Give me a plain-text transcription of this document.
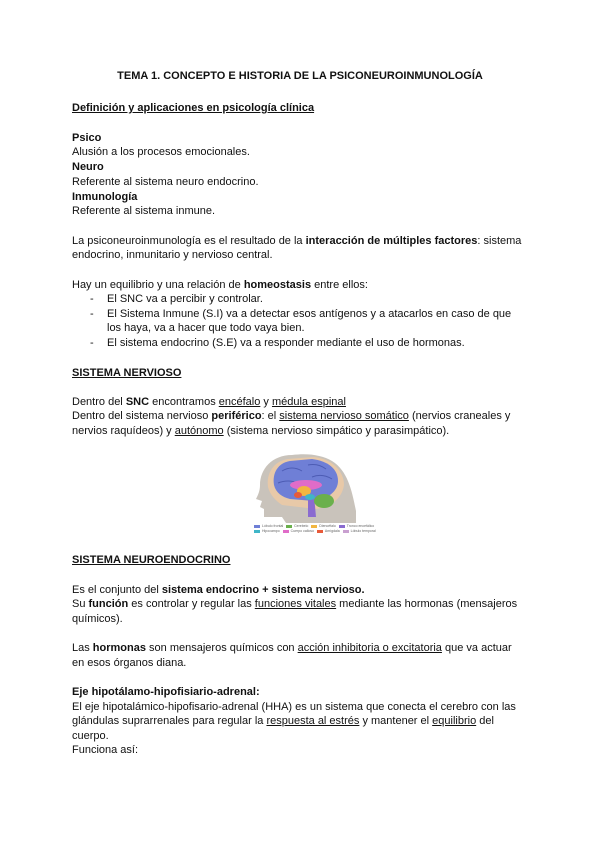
TEMA 1. CONCEPTO E HISTORIA DE LA PSICONEUROINMUNOLOGÍA
Definición y aplicaciones en psicología clínica
Psico
Alusión a los procesos emocionales.
Neuro
Referente al sistema neuro endocrino.
Inmunología
Referente al sistema inmune.
La psiconeuroinmunología es el resultado de la interacción de múltiples factores: sistema
endocrino, inmunitario y nervioso central.
Hay un equilibrio y una relación de homeostasis entre ellos:
- El SNC va a percibir y controlar.
- El Sistema Inmune (S.I) va a detectar esos antígenos y a atacarlos en caso de que
los haya, va a hacer que todo vaya bien.
- El sistema endocrino (S.E) va a responder mediante el uso de hormonas.
SISTEMA NERVIOSO
Dentro del SNC encontramos encéfalo y médula espinal
Dentro del sistema nervioso periférico: el sistema nervioso somático (nervios craneales y
nervios raquídeos) y autónomo (sistema nervioso simpático y parasimpático).
Lóbulo frontal	Cerebelo	Diencéfalo	Tronco encefálico
Hipocampo	Cuerpo calloso	Amígdala	Lóbulo temporal
SISTEMA NEUROENDOCRINO
Es el conjunto del sistema endocrino + sistema nervioso.
Su función es controlar y regular las funciones vitales mediante las hormonas (mensajeros
químicos).
Las hormonas son mensajeros químicos con acción inhibitoria o excitatoria que va actuar
en esos órganos diana.
Eje hipotálamo-hipofisiario-adrenal:
El eje hipotalámico-hipofisario-adrenal (HHA) es un sistema que conecta el cerebro con las
glándulas suprarrenales para regular la respuesta al estrés y mantener el equilibrio del
cuerpo.
Funciona así:
